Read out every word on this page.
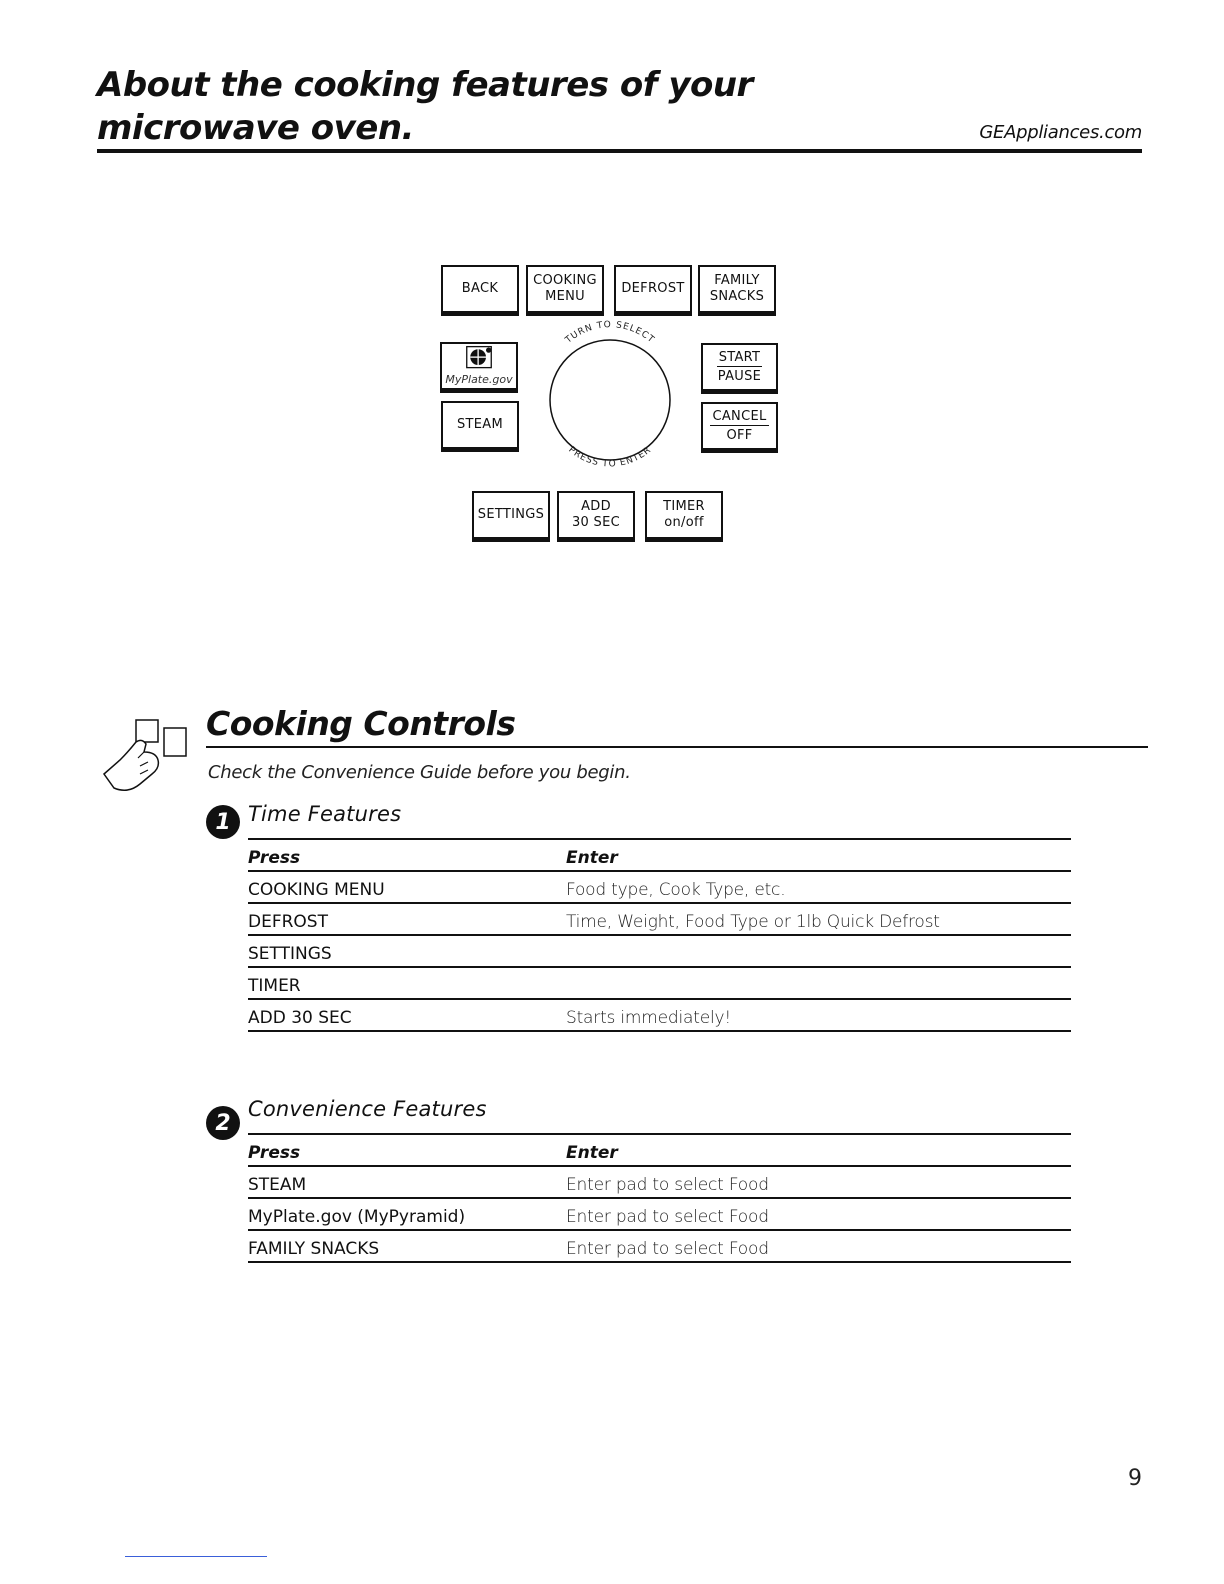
About the cooking features of your
microwave oven.	GEAppliances.com
BACK
COOKING
MENU
DEFROST
FAMILY
SNACKS
MyPlate.gov
STEAM
START
PAUSE
CANCEL
OFF
TURN TO SELECT
PRESS TO ENTER
SETTINGS
ADD
30 SEC
TIMER
on/off
Cooking Controls
Check the Convenience Guide before you begin.
1 Time Features
Press	Enter
COOKING MENU	Food type, Cook Type, etc.
DEFROST	Time, Weight, Food Type or 1lb Quick Defrost
SETTINGS	
TIMER	
ADD 30 SEC	Starts immediately!
2
Convenience Features
Press	Enter
STEAM	Enter pad to select Food
MyPlate.gov (MyPyramid)	Enter pad to select Food
FAMILY SNACKS	Enter pad to select Food
9
